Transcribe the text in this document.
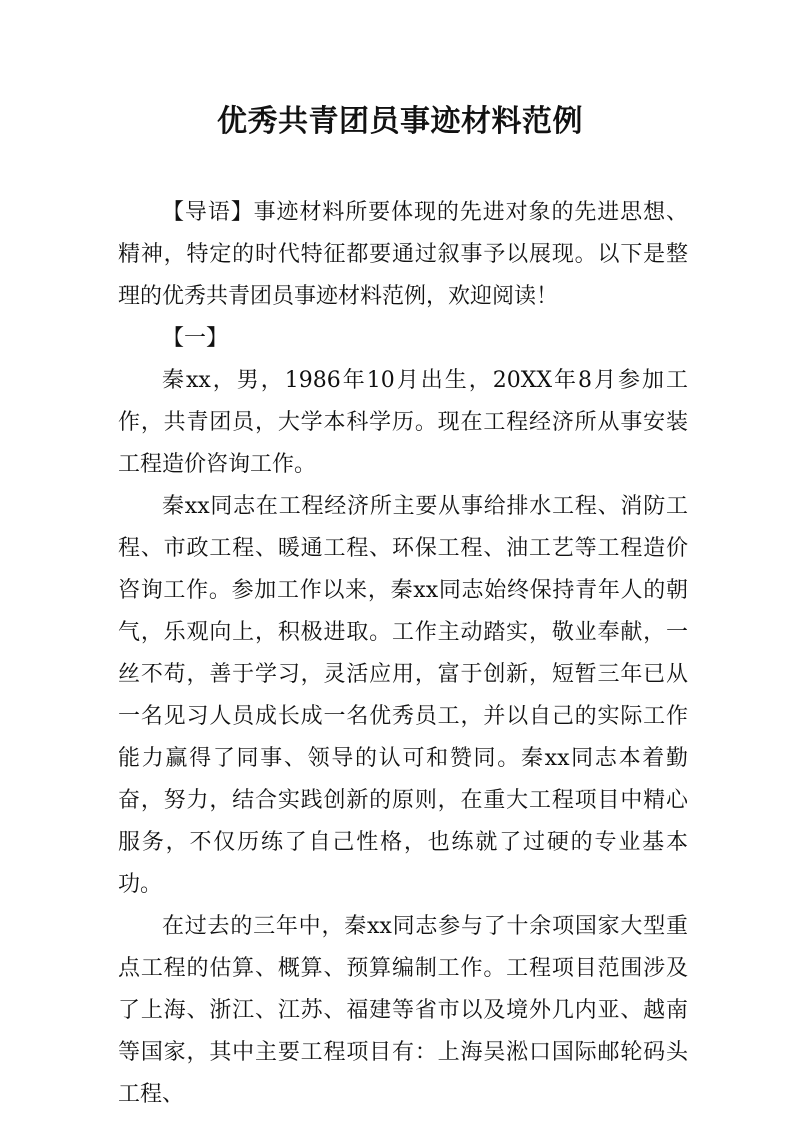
优秀共青团员事迹材料范例

【导语】事迹材料所要体现的先进对象的先进思想、精神，特定的时代特征都要通过叙事予以展现。以下是整理的优秀共青团员事迹材料范例，欢迎阅读！

【一】

秦xx，男，1986年10月出生，20XX年8月参加工作，共青团员，大学本科学历。现在工程经济所从事安装工程造价咨询工作。

秦xx同志在工程经济所主要从事给排水工程、消防工程、市政工程、暖通工程、环保工程、油工艺等工程造价咨询工作。参加工作以来，秦xx同志始终保持青年人的朝气，乐观向上，积极进取。工作主动踏实，敬业奉献，一丝不苟，善于学习，灵活应用，富于创新，短暂三年已从一名见习人员成长成一名优秀员工，并以自己的实际工作能力赢得了同事、领导的认可和赞同。秦xx同志本着勤奋，努力，结合实践创新的原则，在重大工程项目中精心服务，不仅历练了自己性格，也练就了过硬的专业基本功。

在过去的三年中，秦xx同志参与了十余项国家大型重点工程的估算、概算、预算编制工作。工程项目范围涉及了上海、浙江、江苏、福建等省市以及境外几内亚、越南等国家，其中主要工程项目有：上海吴淞口国际邮轮码头工程、
